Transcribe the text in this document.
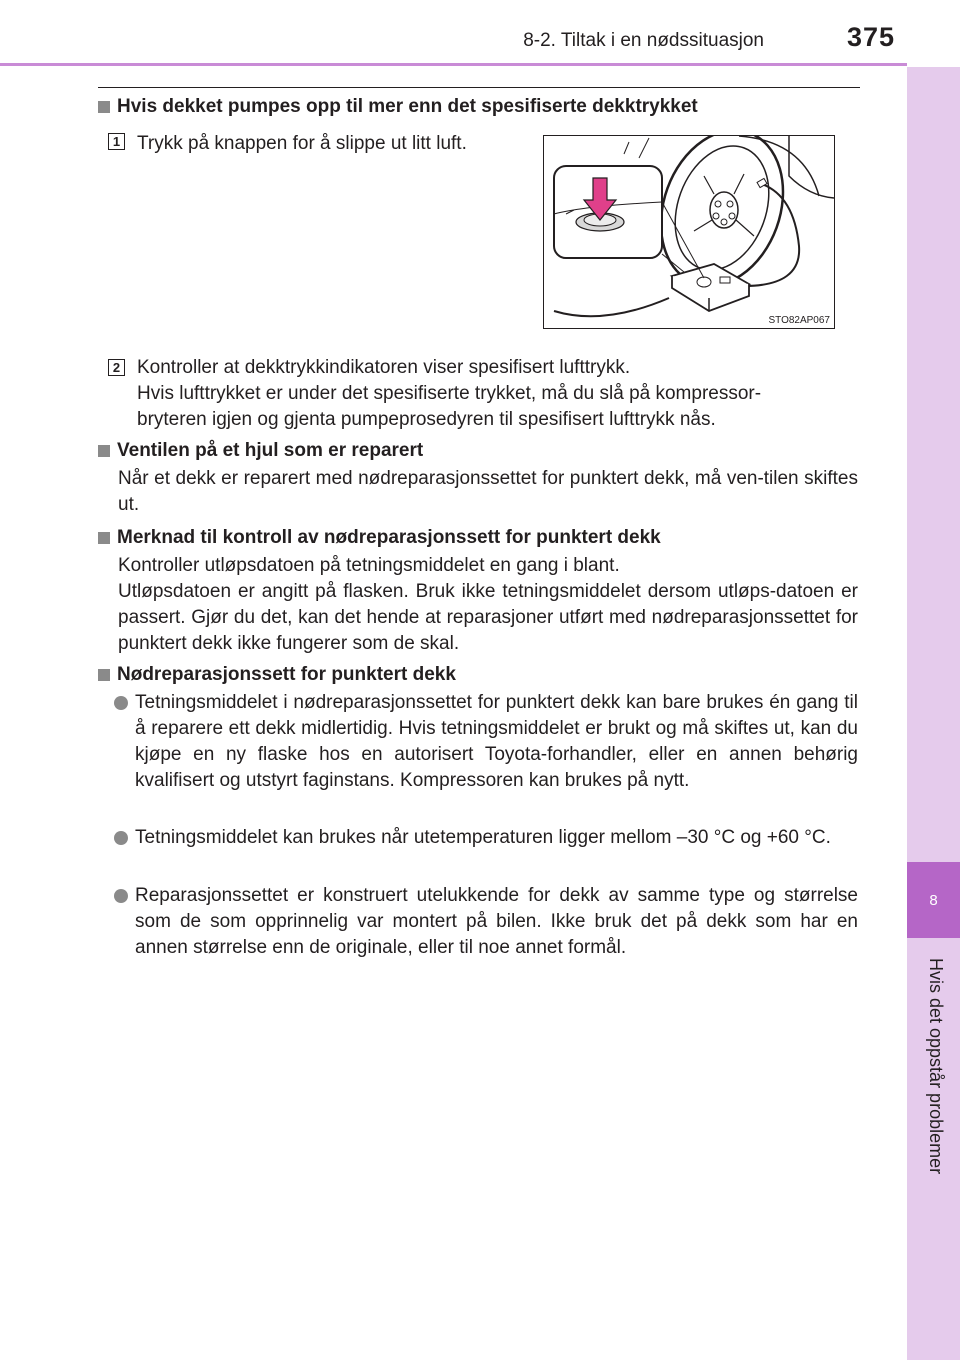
8-2. Tiltak i en nødssituasjon	375
8
Hvis det oppstår problemer
Hvis dekket pumpes opp til mer enn det spesifiserte dekktrykket
1 Trykk på knappen for å slippe ut litt luft.
STO82AP067
2 Kontroller at dekktrykkindikatoren viser spesifisert lufttrykk.
Hvis lufttrykket er under det spesifiserte trykket, må du slå på kompressor-
bryteren igjen og gjenta pumpeprosedyren til spesifisert lufttrykk nås.
Ventilen på et hjul som er reparert

Når et dekk er reparert med nødreparasjonssettet for punktert dekk, må ven-tilen skiftes ut.

Merknad til kontroll av nødreparasjonssett for punktert dekk

Kontroller utløpsdatoen på tetningsmiddelet en gang i blant.

Utløpsdatoen er angitt på flasken. Bruk ikke tetningsmiddelet dersom utløps-datoen er passert. Gjør du det, kan det hende at reparasjoner utført med nødreparasjonssettet for punktert dekk ikke fungerer som de skal.

Nødreparasjonssett for punktert dekk
Tetningsmiddelet i nødreparasjonssettet for punktert dekk kan bare brukes én gang til å reparere ett dekk midlertidig. Hvis tetningsmiddelet er brukt og må skiftes ut, kan du kjøpe en ny flaske hos en autorisert Toyota-forhandler, eller en annen behørig kvalifisert og utstyrt faginstans. Kompressoren kan brukes på nytt.
Tetningsmiddelet kan brukes når utetemperaturen ligger mellom –30 °C og +60 °C.
Reparasjonssettet er konstruert utelukkende for dekk av samme type og størrelse som de som opprinnelig var montert på bilen. Ikke bruk det på dekk som har en annen størrelse enn de originale, eller til noe annet formål.
